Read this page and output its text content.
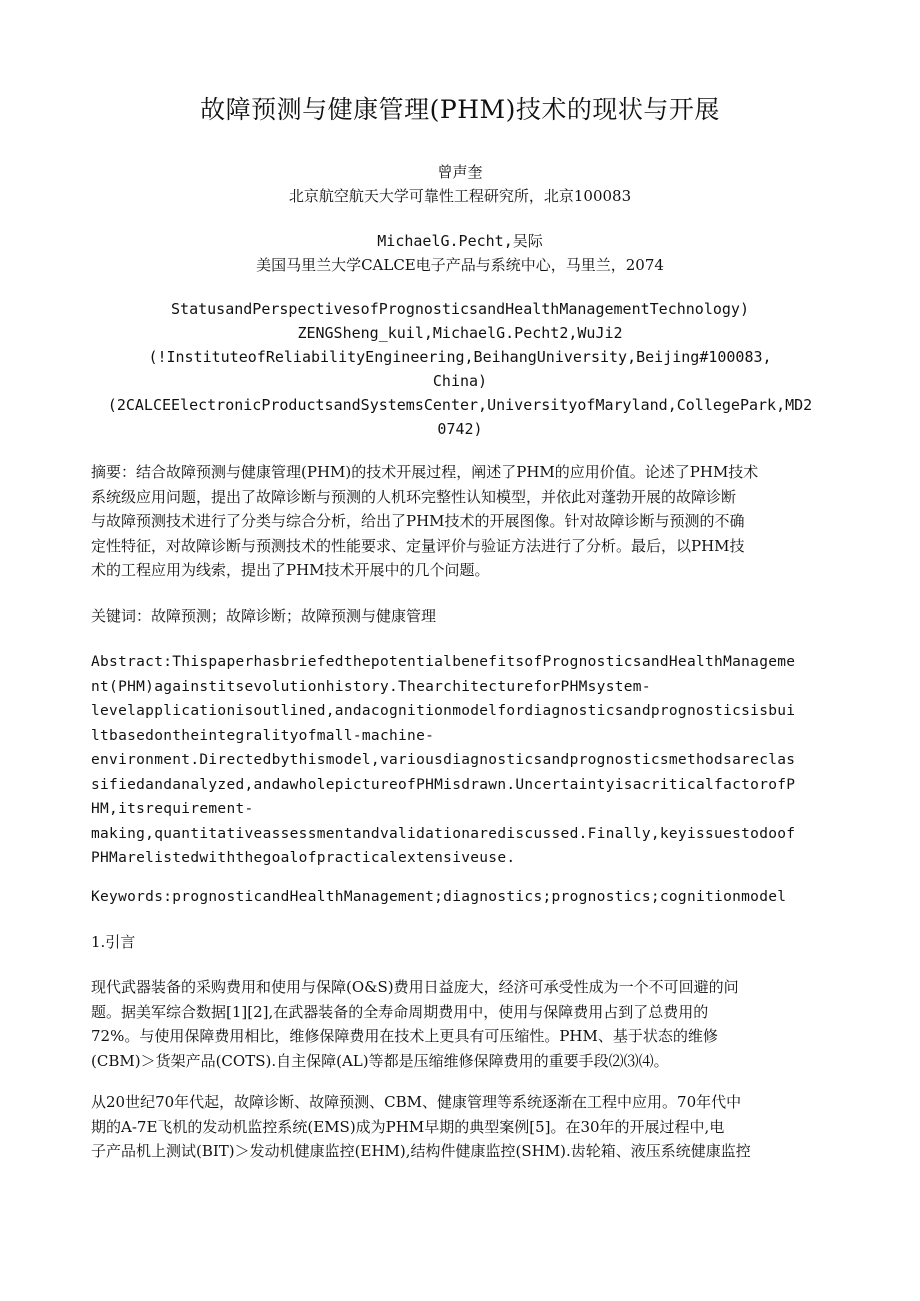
故障预测与健康管理(PHM)技术的现状与开展
曾声奎
北京航空航天大学可靠性工程研究所，北京100083
MichaelG.Pecht,吴际
美国马里兰大学CALCE电子产品与系统中心，马里兰，2074
StatusandPerspectivesofPrognosticsandHealthManagementTechnology)
ZENGSheng_kuil,MichaelG.Pecht2,WuJi2
(!InstituteofReliabilityEngineering,BeihangUniversity,Beijing#100083,
China)
(2CALCEElectronicProductsandSystemsCenter,UniversityofMaryland,CollegePark,MD2
0742)
摘要：结合故障预测与健康管理(PHM)的技术开展过程，阐述了PHM的应用价值。论述了PHM技术
系统级应用问题，提出了故障诊断与预测的人机环完整性认知模型，并依此对蓬勃开展的故障诊断
与故障预测技术进行了分类与综合分析，给出了PHM技术的开展图像。针对故障诊断与预测的不确
定性特征，对故障诊断与预测技术的性能要求、定量评价与验证方法进行了分析。最后，以PHM技
术的工程应用为线索，提出了PHM技术开展中的几个问题。
关键词：故障预测；故障诊断；故障预测与健康管理
Abstract:ThispaperhasbriefedthepotentialbenefitsofPrognosticsandHealthManageme
nt(PHM)againstitsevolutionhistory.ThearchitectureforPHMsystem-
levelapplicationisoutlined,andacognitionmodelfordiagnosticsandprognosticsisbui
ltbasedontheintegralityofmall-machine-
environment.Directedbythismodel,variousdiagnosticsandprognosticsmethodsareclas
sifiedandanalyzed,andawholepictureofPHMisdrawn.UncertaintyisacriticalfactorofP
HM,itsrequirement-
making,quantitativeassessmentandvalidationarediscussed.Finally,keyissuestodoof
PHMarelistedwiththegoalofpracticalextensiveuse.
Keywords:prognosticandHealthManagement;diagnostics;prognostics;cognitionmodel
1.引言
现代武器装备的采购费用和使用与保障(O&S)费用日益庞大，经济可承受性成为一个不可回避的问
题。据美军综合数据[1][2],在武器装备的全寿命周期费用中，使用与保障费用占到了总费用的
72%。与使用保障费用相比，维修保障费用在技术上更具有可压缩性。PHM、基于状态的维修
(CBM)＞货架产品(COTS).自主保障(AL)等都是压缩维修保障费用的重要手段⑵⑶⑷。
从20世纪70年代起，故障诊断、故障预测、CBM、健康管理等系统逐渐在工程中应用。70年代中
期的A-7E飞机的发动机监控系统(EMS)成为PHM早期的典型案例[5]。在30年的开展过程中,电
子产品机上测试(BIT)＞发动机健康监控(EHM),结构件健康监控(SHM).齿轮箱、液压系统健康监控
